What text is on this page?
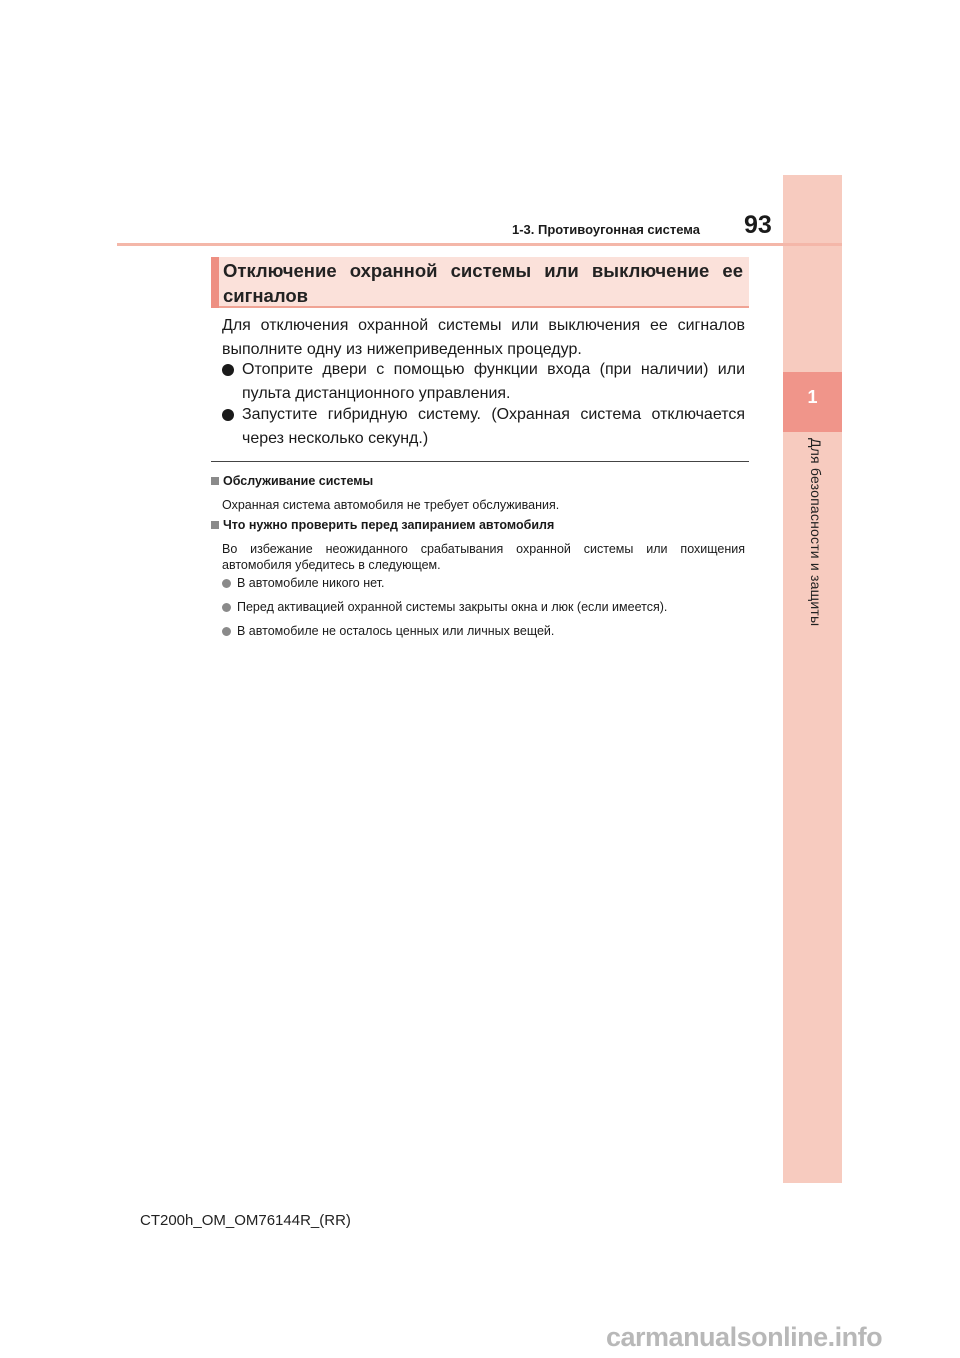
1
Для безопасности и защиты
1-3. Противоугонная система 93
Отключение охранной системы или выключение ее сигналов
Для отключения охранной системы или выключения ее сигналов выполните одну из нижеприведенных процедур.
Отоприте двери с помощью функции входа (при наличии) или пульта дистанционного управления.
Запустите гибридную систему. (Охранная система отключается через несколько секунд.)
Обслуживание системы
Охранная система автомобиля не требует обслуживания.
Что нужно проверить перед запиранием автомобиля
Во избежание неожиданного срабатывания охранной системы или похищения автомобиля убедитесь в следующем.
В автомобиле никого нет.
Перед активацией охранной системы закрыты окна и люк (если имеется).
В автомобиле не осталось ценных или личных вещей.
CT200h_OM_OM76144R_(RR)
carmanualsonline.info
